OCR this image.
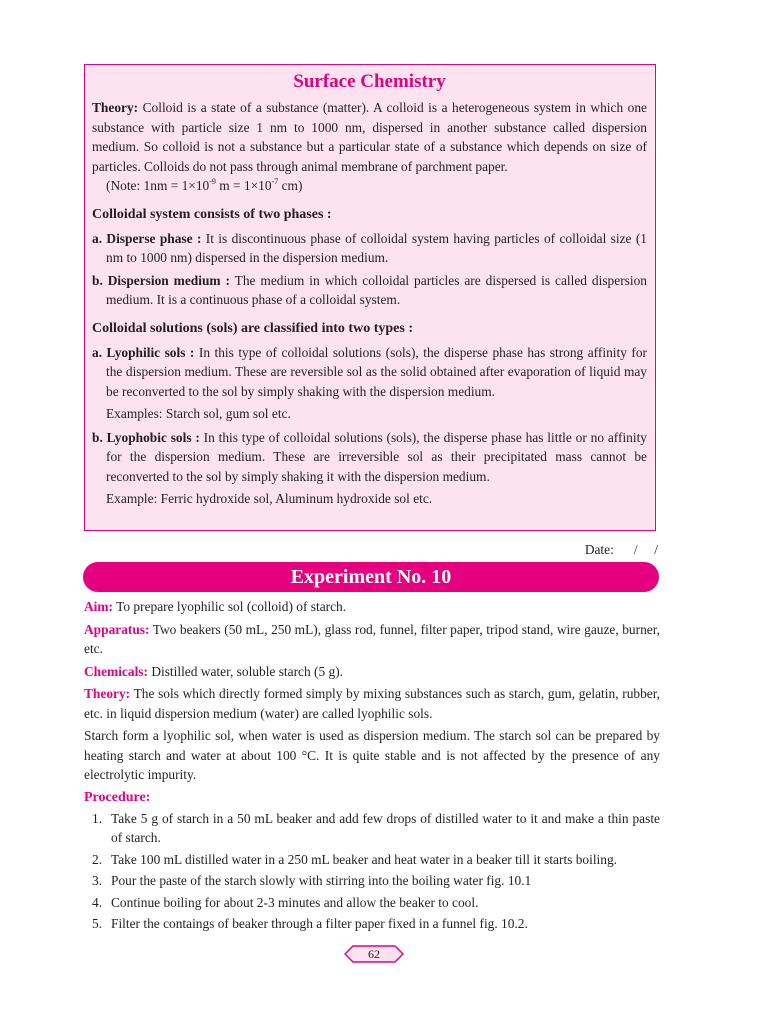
Surface Chemistry

Theory: Colloid is a state of a substance (matter). A colloid is a heterogeneous system in which one substance with particle size 1 nm to 1000 nm, dispersed in another substance called dispersion medium. So colloid is not a substance but a particular state of a substance which depends on size of particles. Colloids do not pass through animal membrane of parchment paper.

(Note: $1nm = 1\times 10^{-9}$ $m = 1\times 10^{-7}$ cm)

Colloidal system consists of two phases :

a. Disperse phase : It is discontinuous phase of colloidal system having particles of colloidal size (1 nm to 1000 nm) dispersed in the dispersion medium.

b. Dispersion medium : The medium in which colloidal particles are dispersed is called dispersion medium. It is a continuous phase of a colloidal system.

Colloidal solutions (sols) are classified into two types :

a. Lyophilic sols : In this type of colloidal solutions (sols), the disperse phase has strong affinity for the dispersion medium. These are reversible sol as the solid obtained after evaporation of liquid may be reconverted to the sol by simply shaking with the dispersion medium.

Examples: Starch sol, gum sol etc.

b. Lyophobic sols : In this type of colloidal solutions (sols), the disperse phase has little or no affinity for the dispersion medium. These are irreversible sol as their precipitated mass cannot be reconverted to the sol by simply shaking it with the dispersion medium.

Example: Ferric hydroxide sol, Aluminum hydroxide sol etc.

Date: /     /
Experiment No. 10

Aim: To prepare lyophilic sol (colloid) of starch.

Apparatus: Two beakers (50 mL, 250 mL), glass rod, funnel, filter paper, tripod stand, wire gauze, burner, etc.

Chemicals: Distilled water, soluble starch (5 g).

Theory: The sols which directly formed simply by mixing substances such as starch, gum, gelatin, rubber, etc. in liquid dispersion medium (water) are called lyophilic sols.

Starch form a lyophilic sol, when water is used as dispersion medium. The starch sol can be prepared by heating starch and water at about 100 °C. It is quite stable and is not affected by the presence of any electrolytic impurity.

Procedure:
1. Take 5 g of starch in a 50 mL beaker and add few drops of distilled water to it and make a thin paste of starch.
2. Take 100 mL distilled water in a 250 mL beaker and heat water in a beaker till it starts boiling.
3. Pour the paste of the starch slowly with stirring into the boiling water fig. 10.1
4. Continue boiling for about 2-3 minutes and allow the beaker to cool.
5. Filter the contaings of beaker through a filter paper fixed in a funnel fig. 10.2.
62
